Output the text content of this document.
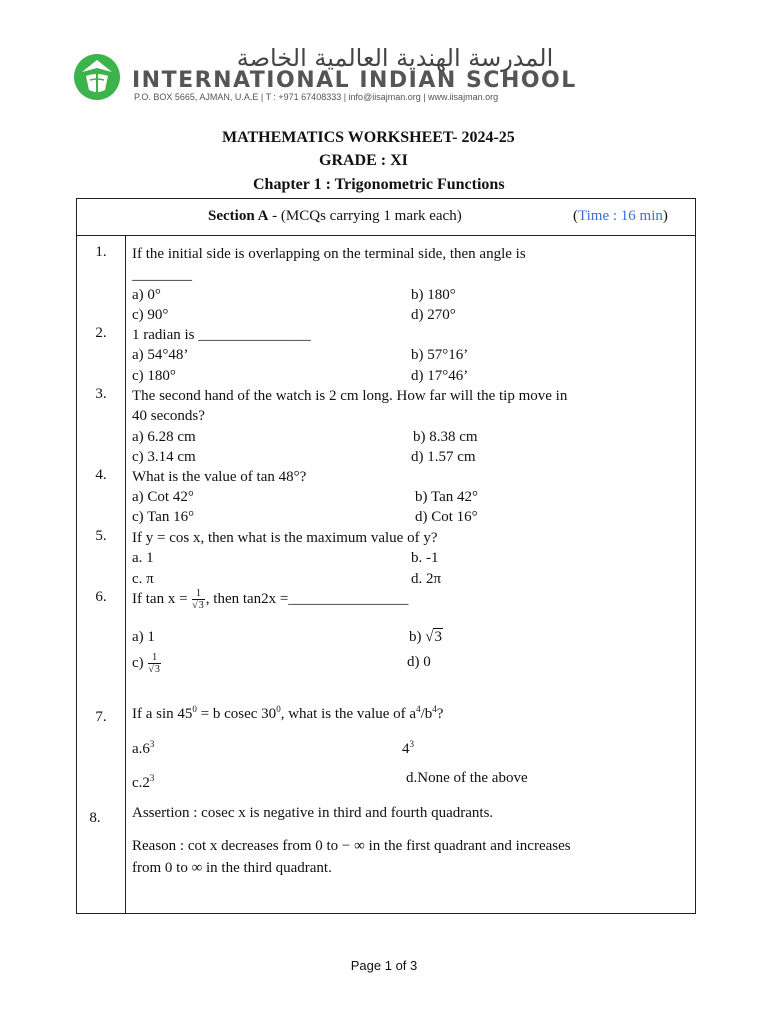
المدرسة الهندية العالمية الخاصة
INTERNATIONAL INDIAN SCHOOL
P.O. BOX 5665, AJMAN, U.A.E | T : +971 67408333 | info@iisajman.org | www.iisajman.org
MATHEMATICS WORKSHEET- 2024-25
GRADE : XI
Chapter 1 : Trigonometric Functions
Section A - (MCQs carrying 1 mark each)	(Time : 16 min)
1.	If the initial side is overlapping on the terminal side, then angle is
________
a) 0°	b) 180°
c) 90°	d) 270°
2.	1 radian is _______________
a) 54°48’	b) 57°16’
c) 180°	d) 17°46’
3.	The second hand of the watch is 2 cm long. How far will the tip move in
40 seconds?
a) 6.28 cm	b) 8.38 cm
c) 3.14 cm	d) 1.57 cm
4.	What is the value of tan 48°?
a) Cot 42°	b) Tan 42°
c) Tan 16°	d) Cot 16°
5.	If y = cos x, then what is the maximum value of y?
a. 1	b. -1
c. π	d. 2π
6.	If $\tan x = \frac{1}{√3}$ , then tan2x =________________
a) 1	b) √3
$c) \frac{1}{√3}$	d) 0
7.	If a $\sin 45^0 = b$ cosec $30^0$, what is the value of $a^4/b^4$?
$a.6^3$	$4^3$
$c.2^3$	d.None of the above
8.	Assertion : cosec x is negative in third and fourth quadrants.
Reason : cot x decreases from 0 to − ∞ in the first quadrant and increases
from 0 to ∞ in the third quadrant.
Page 1 of 3
